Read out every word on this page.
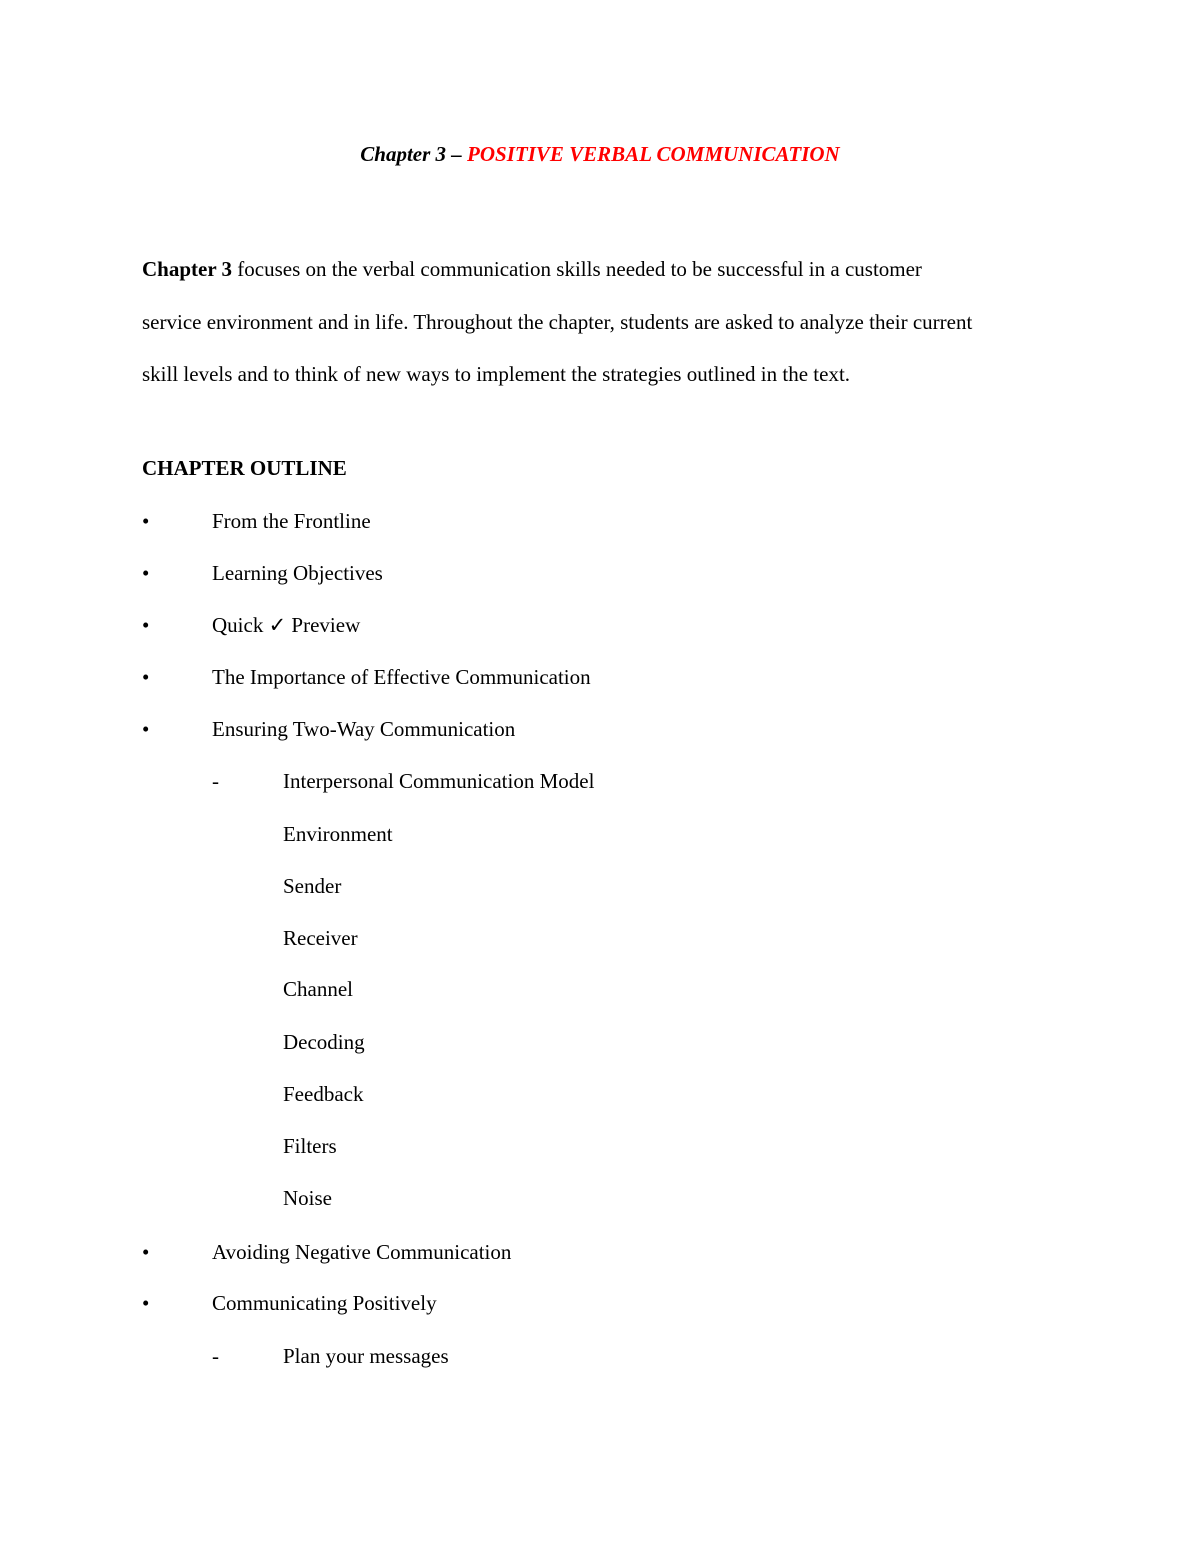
Chapter 3 – POSITIVE VERBAL COMMUNICATION
Chapter 3 focuses on the verbal communication skills needed to be successful in a customer
service environment and in life. Throughout the chapter, students are asked to analyze their current
skill levels and to think of new ways to implement the strategies outlined in the text.
CHAPTER OUTLINE
•	From the Frontline
•	Learning Objectives
•	Quick ✓ Preview
•	The Importance of Effective Communication
•	Ensuring Two-Way Communication
-	Interpersonal Communication Model
Environment
Sender
Receiver
Channel
Decoding
Feedback
Filters
Noise
•	Avoiding Negative Communication
•	Communicating Positively
-	Plan your messages
